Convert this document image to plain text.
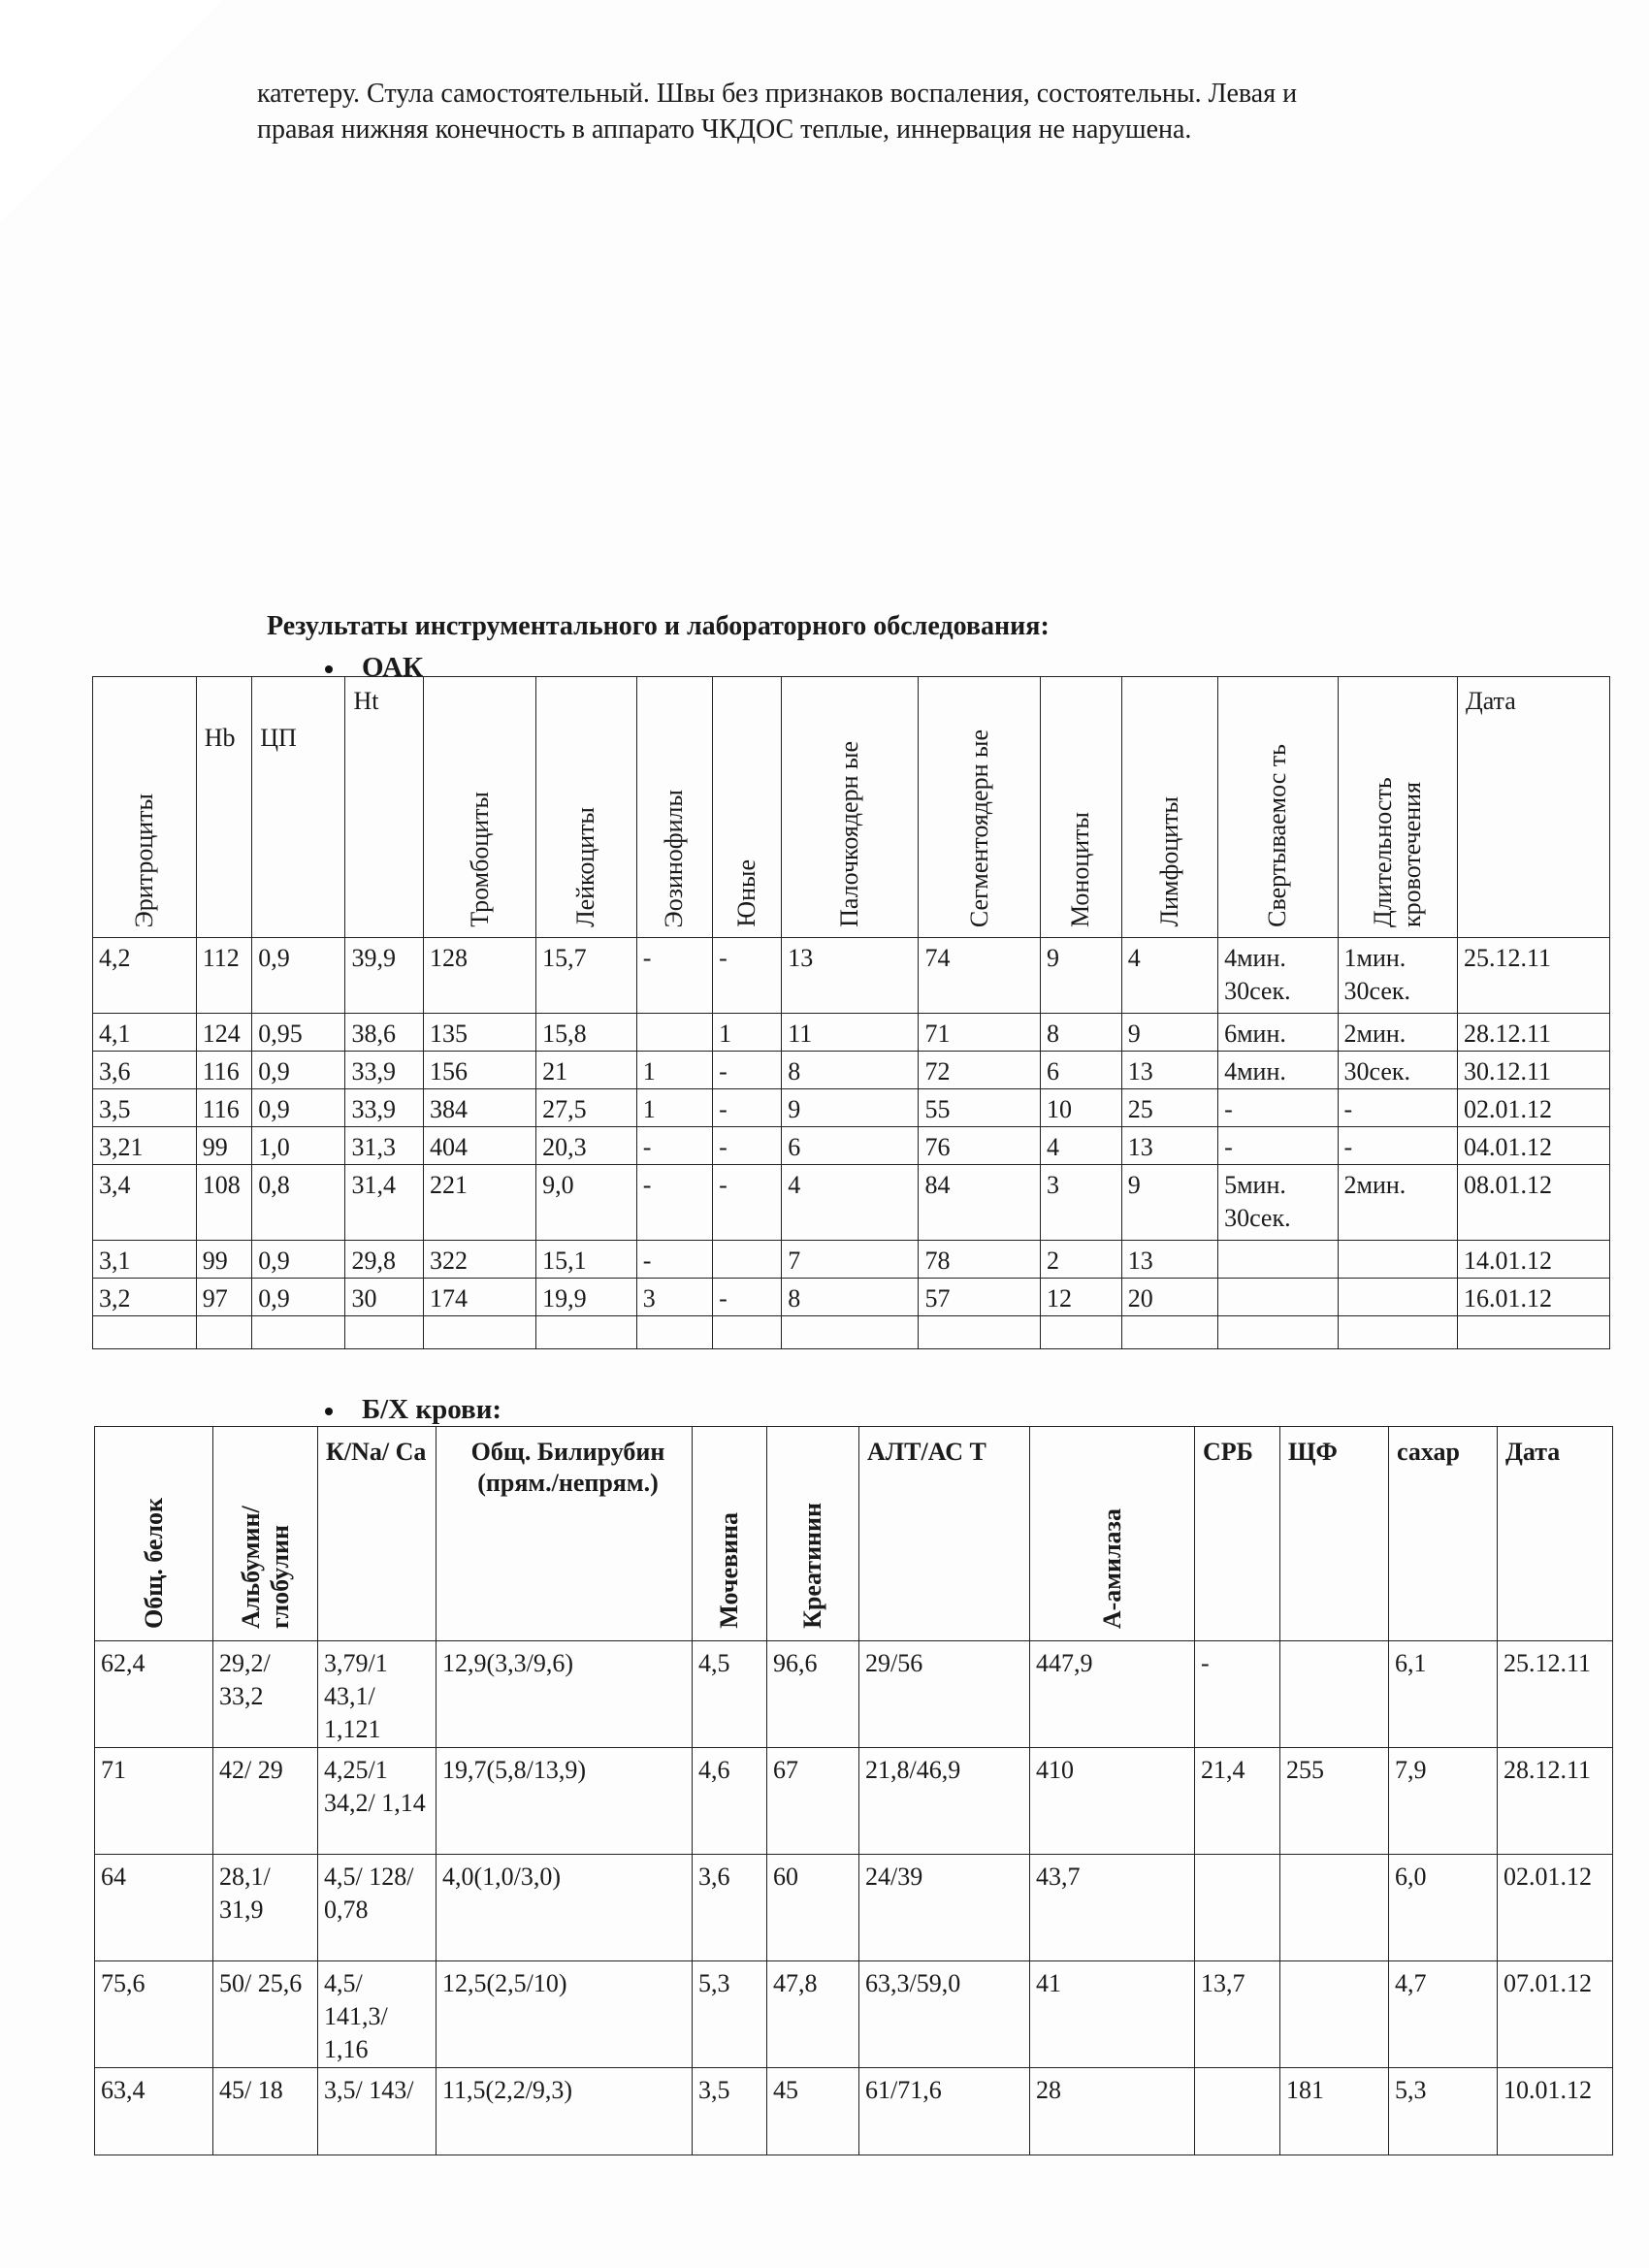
катетеру. Стула самостоятельный. Швы без признаков воспаления, состоятельны. Левая и
правая нижняя конечность в аппарато ЧКДОС теплые, иннервация не нарушена.
Результаты инструментального и лабораторного обследования:
ОАК
Эритроциты	Hb	ЦП	Ht	Тромбоциты	Лейкоциты	Эозинофилы	Юные	Палочкоядерн ые	Сегментоядерн ые	Моноциты	Лимфоциты	Свертываемос ть	Длительность кровотечения	Дата

4,2	112	0,9	39,9	128	15,7	-	-	13	74	9	4	4мин. 30сек.	1мин. 30сек.	25.12.11
4,1	124	0,95	38,6	135	15,8		1	11	71	8	9	6мин.	2мин.	28.12.11
3,6	116	0,9	33,9	156	21	1	-	8	72	6	13	4мин.	30сек.	30.12.11
3,5	116	0,9	33,9	384	27,5	1	-	9	55	10	25	-	-	02.01.12
3,21	99	1,0	31,3	404	20,3	-	-	6	76	4	13	-	-	04.01.12
3,4	108	0,8	31,4	221	9,0	-	-	4	84	3	9	5мин. 30сек.	2мин.	08.01.12
3,1	99	0,9	29,8	322	15,1	-		7	78	2	13			14.01.12
3,2	97	0,9	30	174	19,9	3	-	8	57	12	20			16.01.12

Б/Х крови:
Общ. белок	Альбумин/ глобулин	К/Na/ Ca	Общ. Билирубин (прям./непрям.)	Мочевина	Креатинин	АЛТ/АС Т	А-амилаза	СРБ	ЩФ	сахар	Дата

62,4	29,2/ 33,2	3,79/1 43,1/ 1,121	12,9(3,3/9,6)	4,5	96,6	29/56	447,9	-		6,1	25.12.11
71	42/ 29	4,25/1 34,2/ 1,14	19,7(5,8/13,9)	4,6	67	21,8/46,9	410	21,4	255	7,9	28.12.11
64	28,1/ 31,9	4,5/ 128/ 0,78	4,0(1,0/3,0)	3,6	60	24/39	43,7			6,0	02.01.12
75,6	50/ 25,6	4,5/ 141,3/ 1,16	12,5(2,5/10)	5,3	47,8	63,3/59,0	41	13,7		4,7	07.01.12
63,4	45/ 18	3,5/ 143/	11,5(2,2/9,3)	3,5	45	61/71,6	28		181	5,3	10.01.12
